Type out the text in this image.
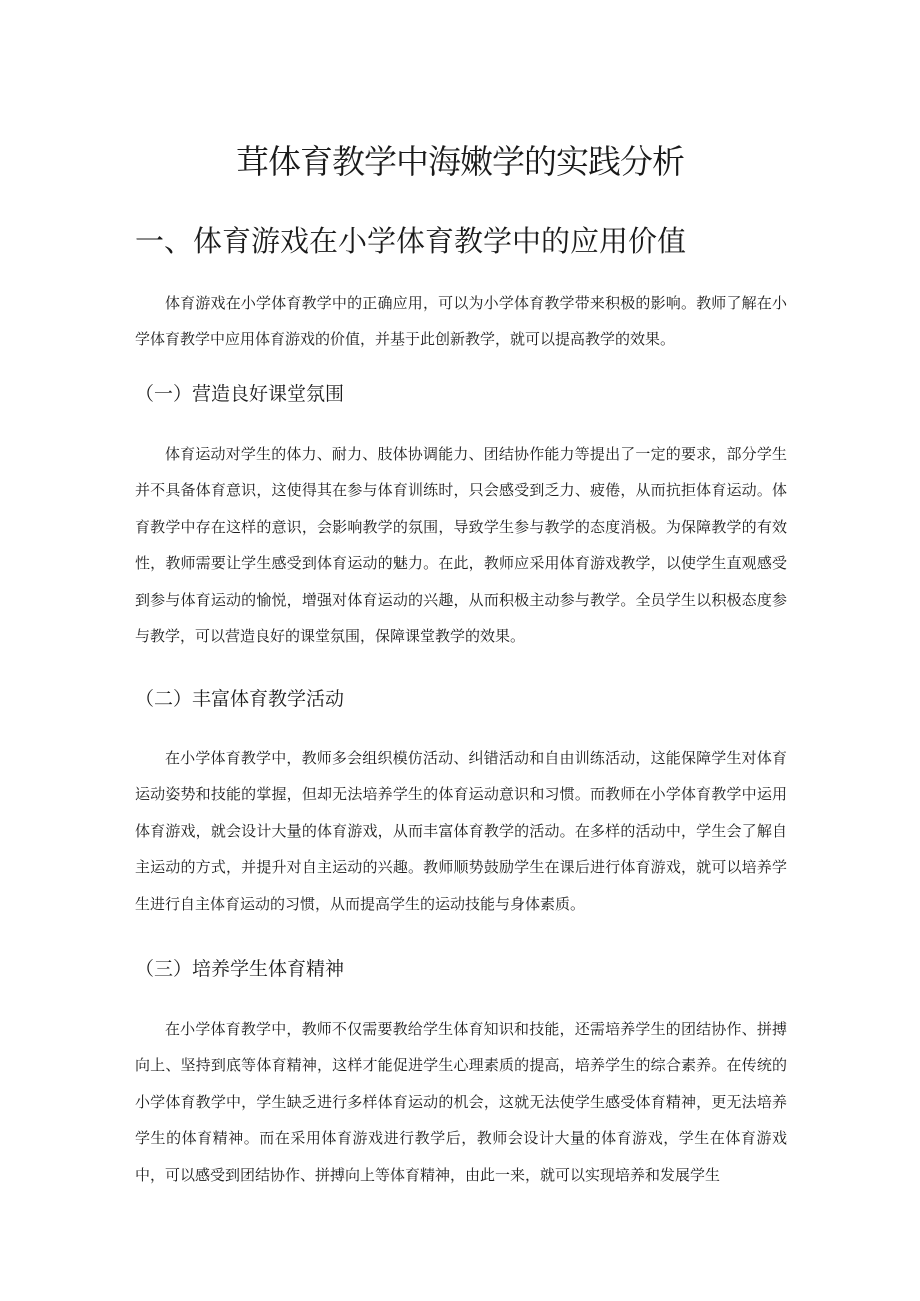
茸体育教学中海嫩学的实践分析
一、体育游戏在小学体育教学中的应用价值

体育游戏在小学体育教学中的正确应用，可以为小学体育教学带来积极的影响。教师了解在小学体育教学中应用体育游戏的价值，并基于此创新教学，就可以提高教学的效果。

（一）营造良好课堂氛围

体育运动对学生的体力、耐力、肢体协调能力、团结协作能力等提出了一定的要求，部分学生并不具备体育意识，这使得其在参与体育训练时，只会感受到乏力、疲倦，从而抗拒体育运动。体育教学中存在这样的意识，会影响教学的氛围，导致学生参与教学的态度消极。为保障教学的有效性，教师需要让学生感受到体育运动的魅力。在此，教师应采用体育游戏教学，以使学生直观感受到参与体育运动的愉悦，增强对体育运动的兴趣，从而积极主动参与教学。全员学生以积极态度参与教学，可以营造良好的课堂氛围，保障课堂教学的效果。

（二）丰富体育教学活动

在小学体育教学中，教师多会组织模仿活动、纠错活动和自由训练活动，这能保障学生对体育运动姿势和技能的掌握，但却无法培养学生的体育运动意识和习惯。而教师在小学体育教学中运用体育游戏，就会设计大量的体育游戏，从而丰富体育教学的活动。在多样的活动中，学生会了解自主运动的方式，并提升对自主运动的兴趣。教师顺势鼓励学生在课后进行体育游戏，就可以培养学生进行自主体育运动的习惯，从而提高学生的运动技能与身体素质。

（三）培养学生体育精神

在小学体育教学中，教师不仅需要教给学生体育知识和技能，还需培养学生的团结协作、拼搏向上、坚持到底等体育精神，这样才能促进学生心理素质的提高，培养学生的综合素养。在传统的小学体育教学中，学生缺乏进行多样体育运动的机会，这就无法使学生感受体育精神，更无法培养学生的体育精神。而在采用体育游戏进行教学后，教师会设计大量的体育游戏，学生在体育游戏中，可以感受到团结协作、拼搏向上等体育精神，由此一来，就可以实现培养和发展学生
